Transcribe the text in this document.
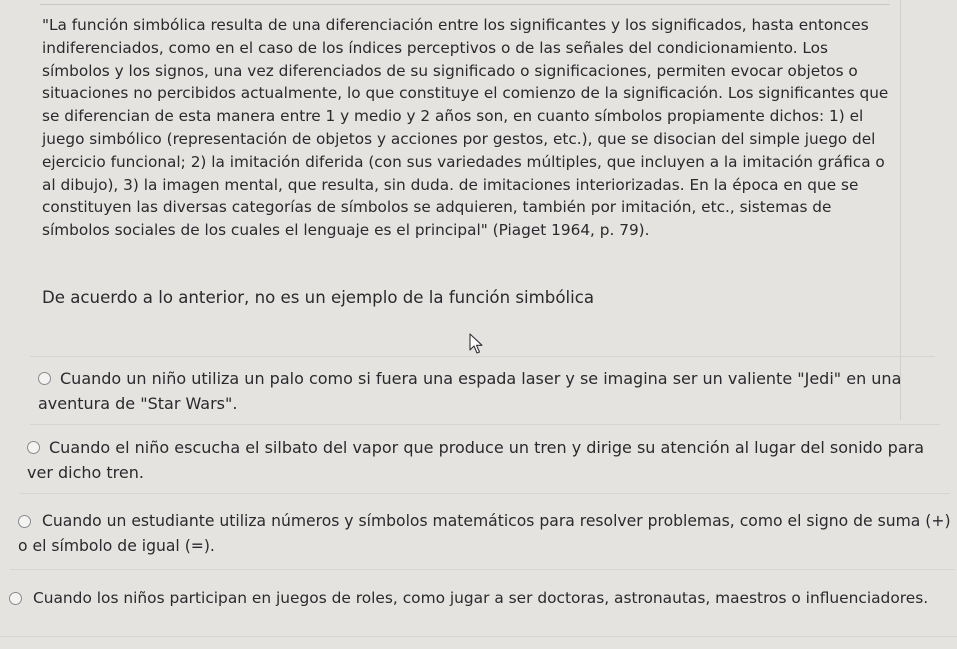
"La función simbólica resulta de una diferenciación entre los significantes y los significados, hasta entonces indiferenciados, como en el caso de los índices perceptivos o de las señales del condicionamiento. Los símbolos y los signos, una vez diferenciados de su significado o significaciones, permiten evocar objetos o situaciones no percibidos actualmente, lo que constituye el comienzo de la significación. Los significantes que se diferencian de esta manera entre 1 y medio y 2 años son, en cuanto símbolos propiamente dichos: 1) el juego simbólico (representación de objetos y acciones por gestos, etc.), que se disocian del simple juego del ejercicio funcional; 2) la imitación diferida (con sus variedades múltiples, que incluyen a la imitación gráfica o al dibujo), 3) la imagen mental, que resulta, sin duda. de imitaciones interiorizadas. En la época en que se constituyen las diversas categorías de símbolos se adquieren, también por imitación, etc., sistemas de símbolos sociales de los cuales el lenguaje es el principal" (Piaget 1964, p. 79).

De acuerdo a lo anterior, no es un ejemplo de la función simbólica

Cuando un niño utiliza un palo como si fuera una espada laser y se imagina ser un valiente "Jedi" en una aventura de "Star Wars".
Cuando el niño escucha el silbato del vapor que produce un tren y dirige su atención al lugar del sonido para ver dicho tren.
Cuando un estudiante utiliza números y símbolos matemáticos para resolver problemas, como el signo de suma (+) o el símbolo de igual (=).
Cuando los niños participan en juegos de roles, como jugar a ser doctoras, astronautas, maestros o influenciadores.
